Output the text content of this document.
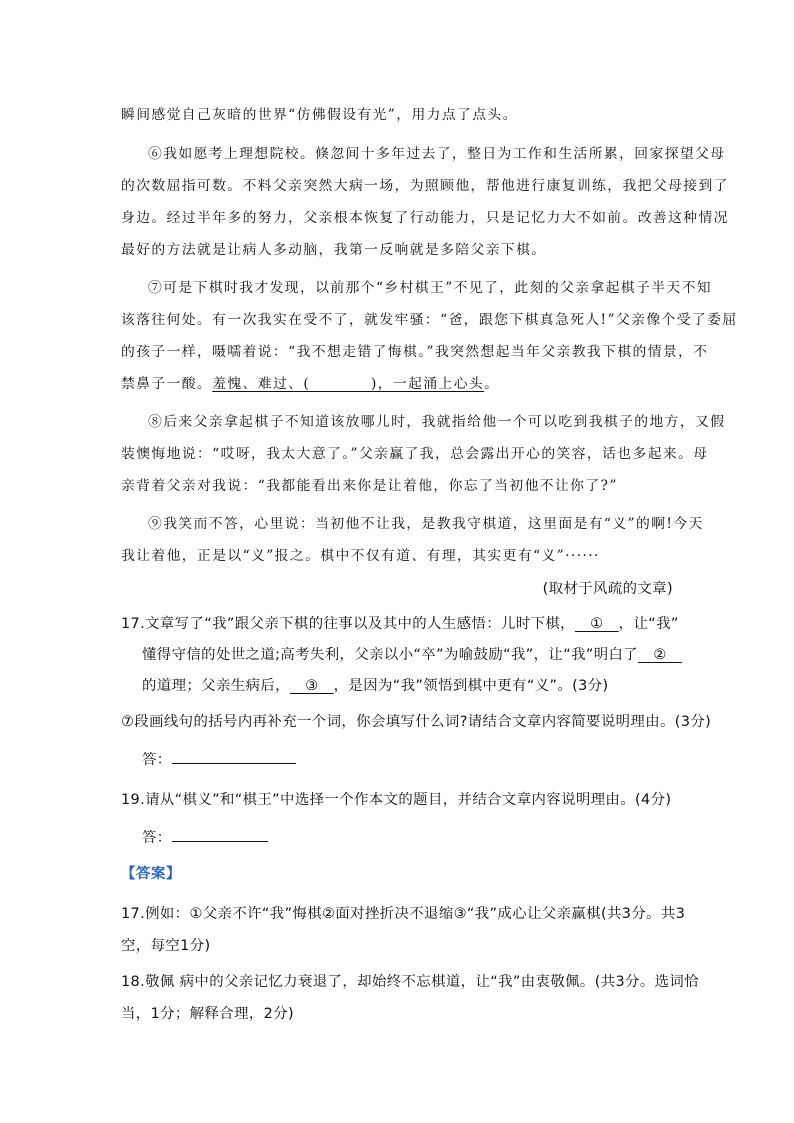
瞬间感觉自己灰暗的世界“仿佛假设有光”，用力点了点头。
⑥我如愿考上理想院校。倏忽间十多年过去了，整日为工作和生活所累，回家探望父母
的次数屈指可数。不料父亲突然大病一场，为照顾他，帮他进行康复训练，我把父母接到了
身边。经过半年多的努力，父亲根本恢复了行动能力，只是记忆力大不如前。改善这种情况
最好的方法就是让病人多动脑，我第一反响就是多陪父亲下棋。
⑦可是下棋时我才发现，以前那个“乡村棋王”不见了，此刻的父亲拿起棋子半天不知
该落往何处。有一次我实在受不了，就发牢骚：“爸，跟您下棋真急死人!”父亲像个受了委屈
的孩子一样，嗫嚅着说：“我不想走错了悔棋。”我突然想起当年父亲教我下棋的情景，不
禁鼻子一酸。羞愧、难过、(　　　　)，一起涌上心头。
⑧后来父亲拿起棋子不知道该放哪儿时，我就指给他一个可以吃到我棋子的地方，又假
装懊悔地说：“哎呀，我太大意了。”父亲赢了我，总会露出开心的笑容，话也多起来。母
亲背着父亲对我说：“我都能看出来你是让着他，你忘了当初他不让你了?”
⑨我笑而不答，心里说：当初他不让我，是教我守棋道，这里面是有“义”的啊!今天
我让着他，正是以“义”报之。棋中不仅有道、有理，其实更有“义”······
(取材于风疏的文章)
17.文章写了“我”跟父亲下棋的往事以及其中的人生感悟：儿时下棋，   ①   ，让“我”
懂得守信的处世之道;高考失利，父亲以小“卒”为喻鼓励“我”，让“我”明白了   ②  
的道理；父亲生病后，   ③   ，是因为“我”领悟到棋中更有“义”。(3分)
⑦段画线句的括号内再补充一个词，你会填写什么词?请结合文章内容简要说明理由。(3分)
答：
19.请从“棋义”和“棋王”中选择一个作本文的题目，并结合文章内容说明理由。(4分)
答：
【答案】
17.例如：①父亲不许“我”悔棋②面对挫折决不退缩③“我”成心让父亲赢棋(共3分。共3
空，每空1分)
18.敬佩 病中的父亲记忆力衰退了，却始终不忘棋道，让“我”由衷敬佩。(共3分。选词恰
当，1分；解释合理，2分)
